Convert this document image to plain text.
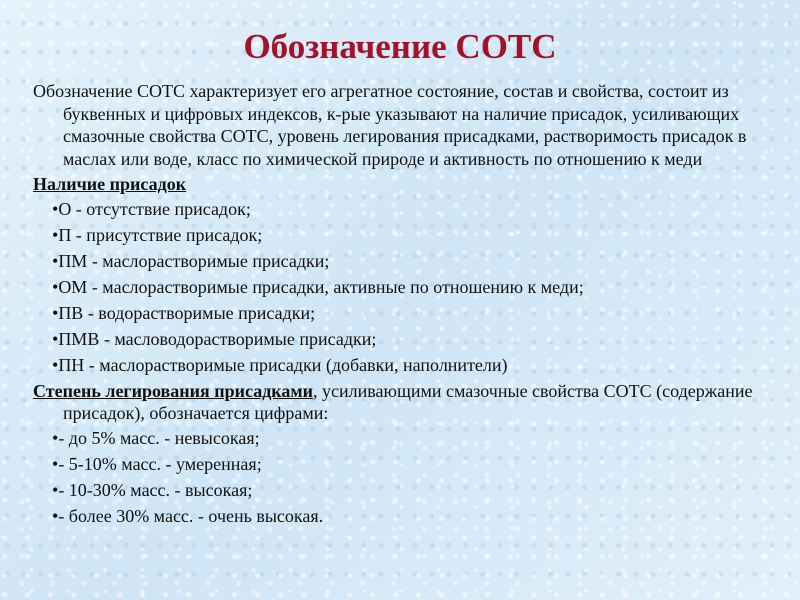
Обозначение СОТС

Обозначение СОТС характеризует его агрегатное состояние, состав и свойства, состоит из буквенных и цифровых индексов, к-рые указывают на наличие присадок, усиливающих смазочные свойства СОТС, уровень легирования присадками, растворимость присадок в маслах или воде, класс по химической природе и активность по отношению к меди

Наличие присадок
•О - отсутствие присадок;
•П - присутствие присадок;
•ПМ - маслорастворимые присадки;
•ОМ - маслорастворимые присадки, активные по отношению к меди;
•ПВ - водорастворимые присадки;
•ПМВ - масловодорастворимые присадки;
•ПН - маслорастворимые присадки (добавки, наполнители)

Степень легирования присадками, усиливающими смазочные свойства СОТС (содержание присадок), обозначается цифрами:

•- до 5% масс. - невысокая;
•- 5-10% масс. - умеренная;
•- 10-30% масс. - высокая;
•- более 30% масс. - очень высокая.
